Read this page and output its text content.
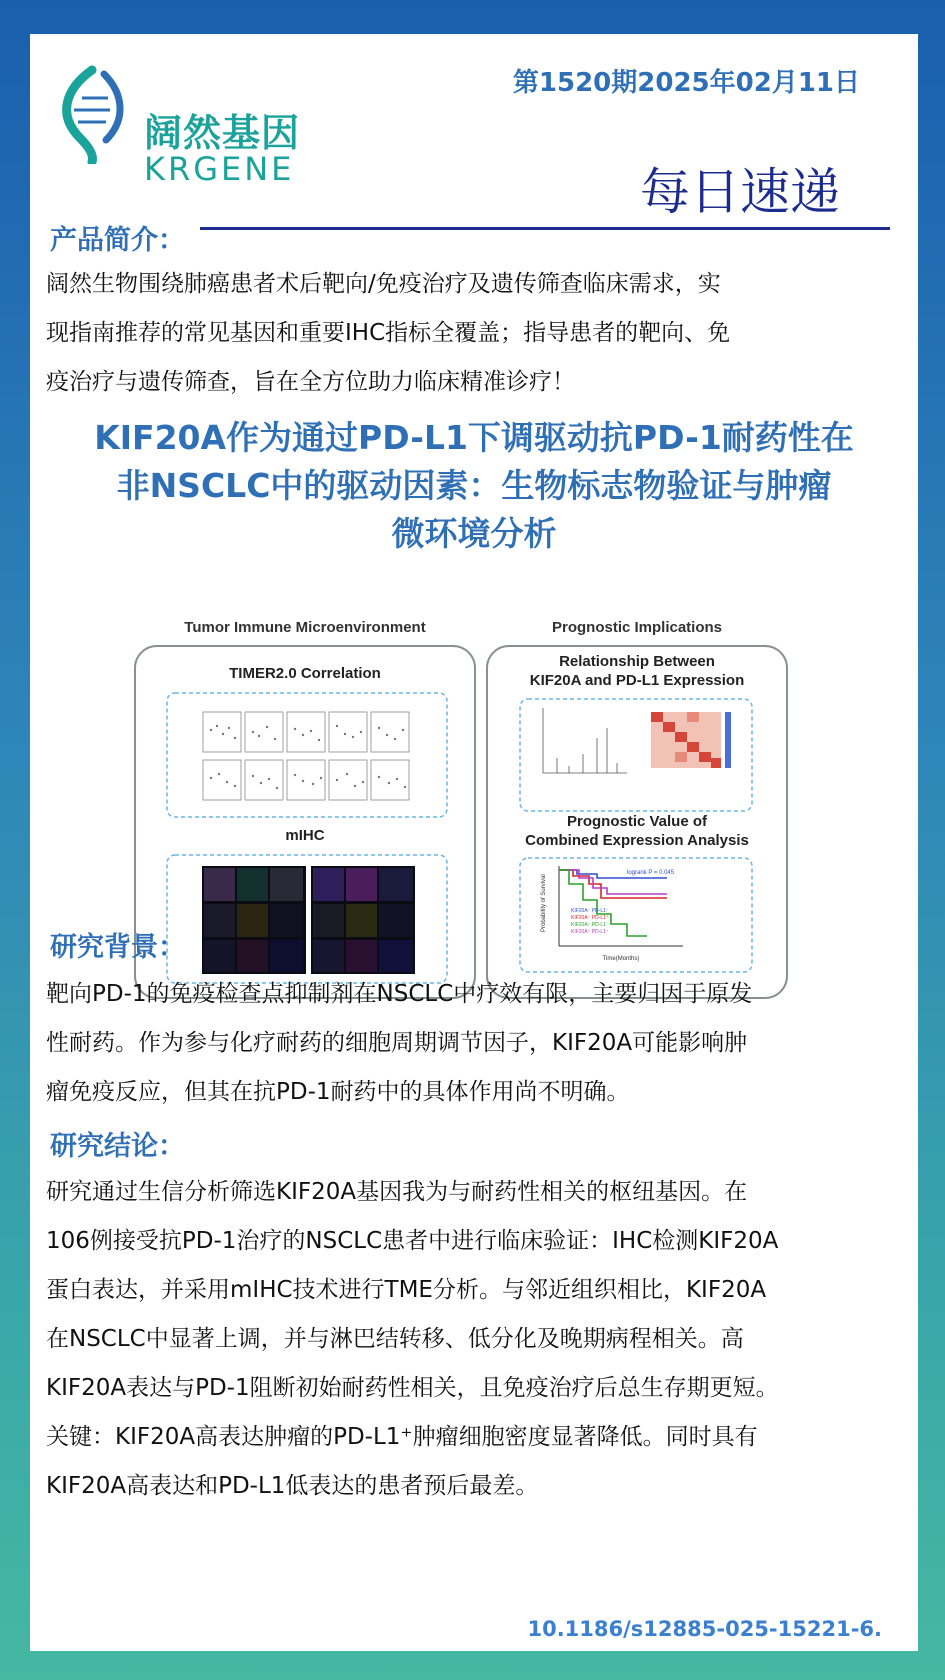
阔然基因
KRGENE
第1520期2025年02月11日
每日速递
产品简介：
阔然生物围绕肺癌患者术后靶向/免疫治疗及遗传筛查临床需求，实
现指南推荐的常见基因和重要IHC指标全覆盖；指导患者的靶向、免
疫治疗与遗传筛查，旨在全方位助力临床精准诊疗！
KIF20A作为通过PD-L1下调驱动抗PD-1耐药性在
非NSCLC中的驱动因素：生物标志物验证与肿瘤
微环境分析
Tumor Immune Microenvironment
TIMER2.0 Correlation
mIHC
Prognostic Implications
Relationship Between
KIF20A and PD-L1 Expression
Prognostic Value of
Combined Expression Analysis
logrank P = 0.045
Probability of Survival
Time(Months)
KIF20A⁻ PD-L1⁻
KIF20A⁻ PD-L1⁺
KIF20A⁺ PD-L1⁻
KIF20A⁺ PD-L1⁺
研究背景：
靶向PD-1的免疫检查点抑制剂在NSCLC中疗效有限，主要归因于原发
性耐药。作为参与化疗耐药的细胞周期调节因子，KIF20A可能影响肿
瘤免疫反应，但其在抗PD-1耐药中的具体作用尚不明确。
研究结论：
研究通过生信分析筛选KIF20A基因我为与耐药性相关的枢纽基因。在
106例接受抗PD-1治疗的NSCLC患者中进行临床验证：IHC检测KIF20A
蛋白表达，并采用mIHC技术进行TME分析。与邻近组织相比，KIF20A
在NSCLC中显著上调，并与淋巴结转移、低分化及晚期病程相关。高
KIF20A表达与PD-1阻断初始耐药性相关，且免疫治疗后总生存期更短。
关键：KIF20A高表达肿瘤的PD-L1⁺肿瘤细胞密度显著降低。同时具有
KIF20A高表达和PD-L1低表达的患者预后最差。
10.1186/s12885-025-15221-6.
